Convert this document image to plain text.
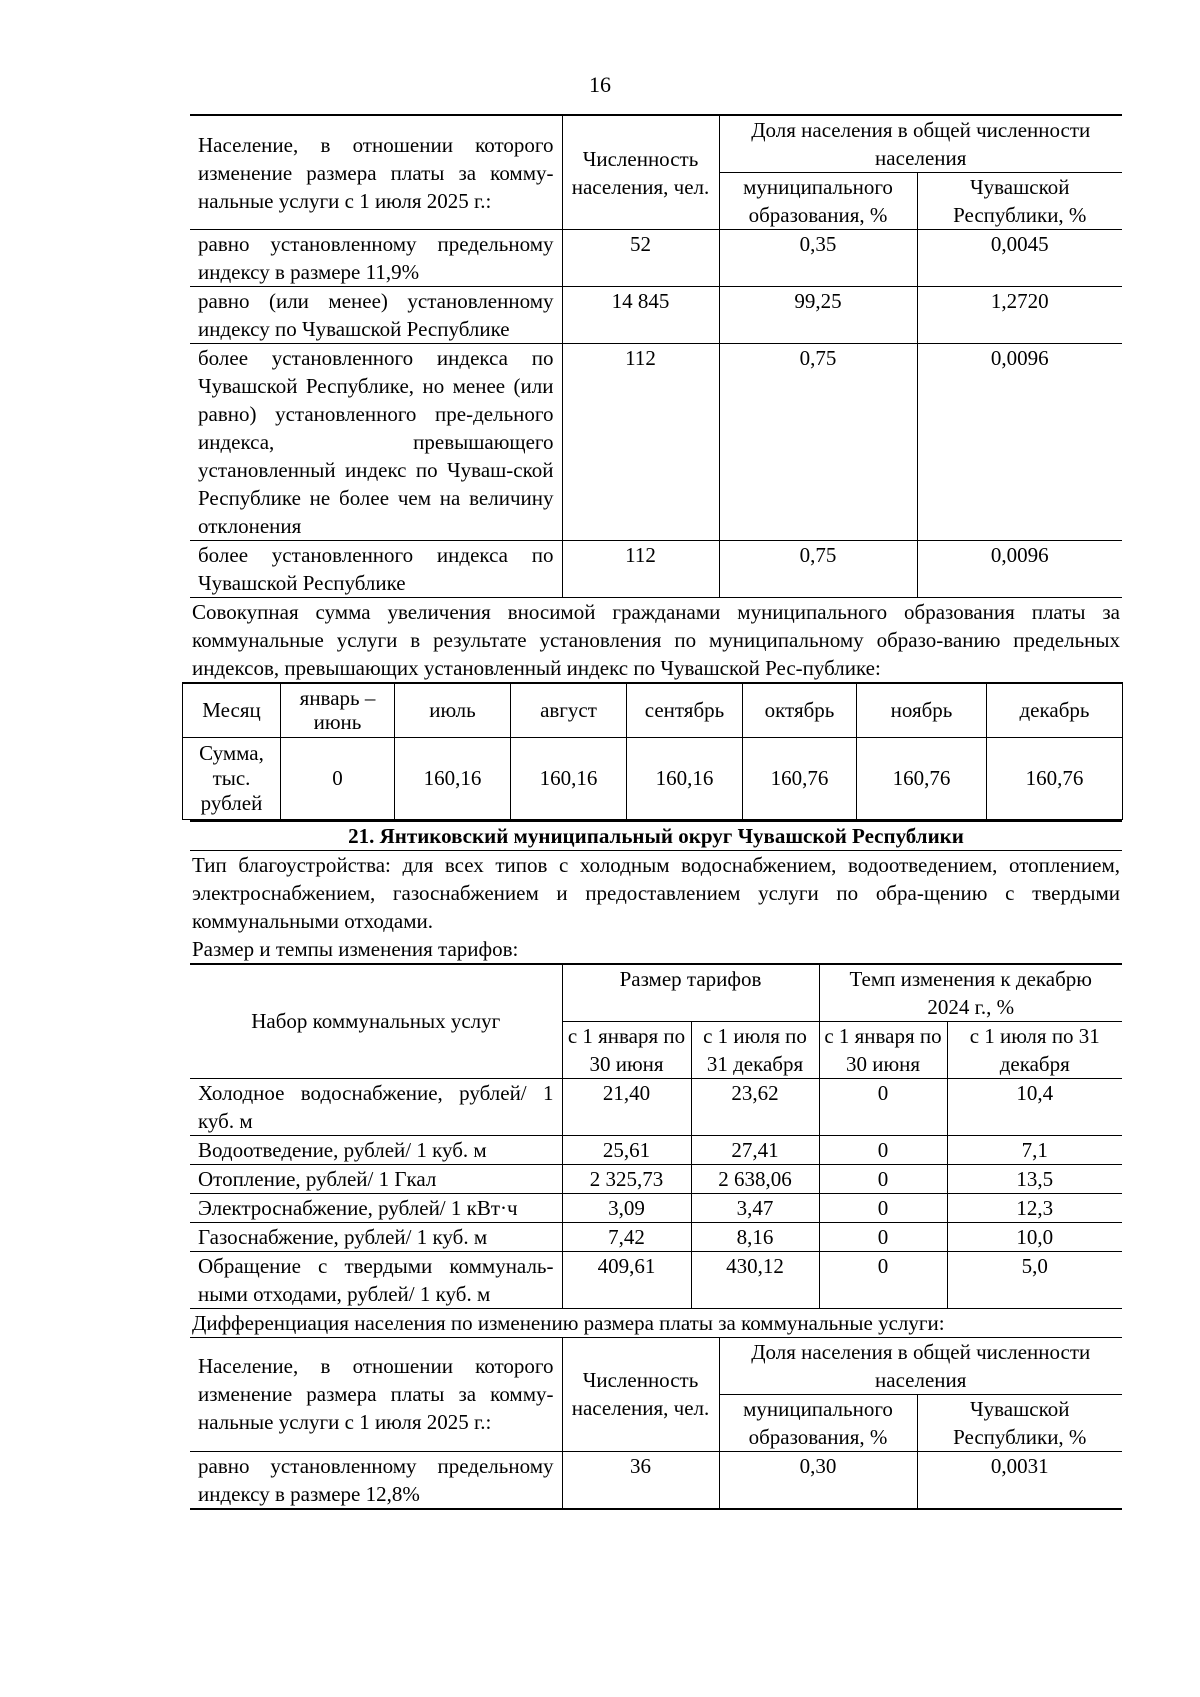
16
Население, в отношении которого изменение размера платы за комму-нальные услуги с 1 июля 2025 г.:	Численность населения, чел.	Доля населения в общей численности населения	
		муниципального образования, %	Чувашской Республики, %
равно установленному предельному индексу в размере 11,9%	52	0,35	0,0045
равно (или менее) установленному индексу по Чувашской Республике	14 845	99,25	1,2720
более установленного индекса по Чувашской Республике, но менее (или равно) установленного пре-дельного индекса, превышающего установленный индекс по Чуваш-ской Республике не более чем на величину отклонения	112	0,75	0,0096
более установленного индекса по Чувашской Республике	112	0,75	0,0096
Совокупная сумма увеличения вносимой гражданами муниципального образования платы за коммунальные услуги в результате установления по муниципальному образо-ванию предельных индексов, превышающих установленный индекс по Чувашской Рес-публике:
Месяц	январь – июнь	июль	август	сентябрь	октябрь	ноябрь	декабрь
Сумма, тыс. рублей	0	160,16	160,16	160,16	160,76	160,76	160,76
21. Янтиковский муниципальный округ Чувашской Республики
Тип благоустройства: для всех типов с холодным водоснабжением, водоотведением, отоплением, электроснабжением, газоснабжением и предоставлением услуги по обра-щению с твердыми коммунальными отходами.
Размер и темпы изменения тарифов:
Набор коммунальных услуг	Размер тарифов		Темп изменения к декабрю 2024 г., %	
	с 1 января по 30 июня	с 1 июля по 31 декабря	с 1 января по 30 июня	с 1 июля по 31 декабря
Холодное водоснабжение, рублей/ 1 куб. м	21,40	23,62	0	10,4
Водоотведение, рублей/ 1 куб. м	25,61	27,41	0	7,1
Отопление, рублей/ 1 Гкал	2 325,73	2 638,06	0	13,5
Электроснабжение, рублей/ 1 кВт·ч	3,09	3,47	0	12,3
Газоснабжение, рублей/ 1 куб. м	7,42	8,16	0	10,0
Обращение с твердыми коммуналь-ными отходами, рублей/ 1 куб. м	409,61	430,12	0	5,0
Дифференциация населения по изменению размера платы за коммунальные услуги:
Население, в отношении которого изменение размера платы за комму-нальные услуги с 1 июля 2025 г.:	Численность населения, чел.	Доля населения в общей численности населения	
		муниципального образования, %	Чувашской Республики, %
равно установленному предельному индексу в размере 12,8%	36	0,30	0,0031
